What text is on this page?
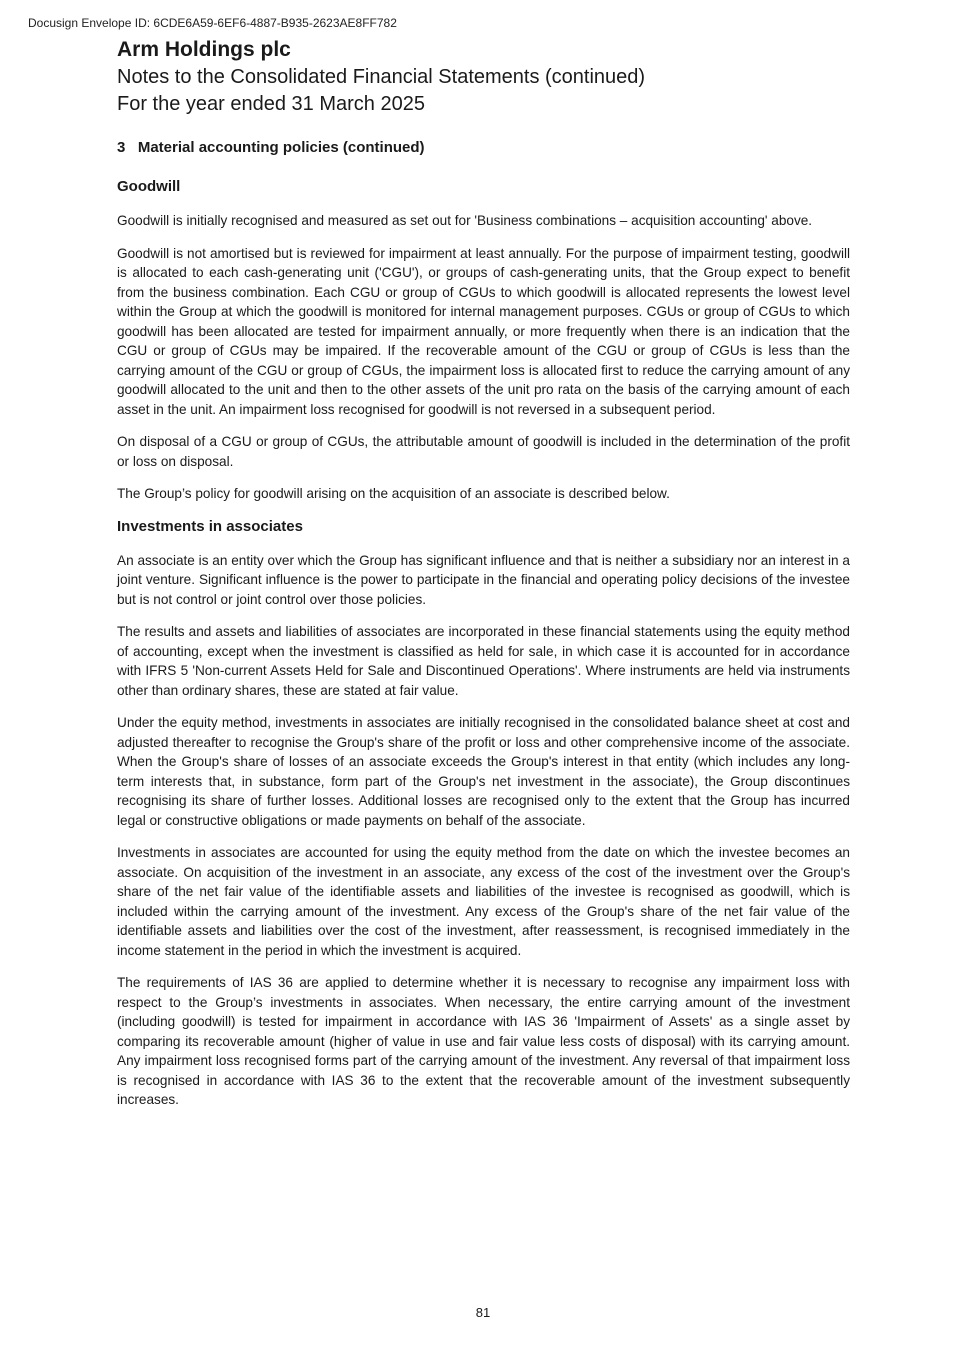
Docusign Envelope ID: 6CDE6A59-6EF6-4887-B935-2623AE8FF782
Arm Holdings plc
Notes to the Consolidated Financial Statements (continued)
For the year ended 31 March 2025
3   Material accounting policies (continued)
Goodwill

Goodwill is initially recognised and measured as set out for 'Business combinations – acquisition accounting' above.

Goodwill is not amortised but is reviewed for impairment at least annually. For the purpose of impairment testing, goodwill is allocated to each cash-generating unit ('CGU'), or groups of cash-generating units, that the Group expect to benefit from the business combination. Each CGU or group of CGUs to which goodwill is allocated represents the lowest level within the Group at which the goodwill is monitored for internal management purposes. CGUs or group of CGUs to which goodwill has been allocated are tested for impairment annually, or more frequently when there is an indication that the CGU or group of CGUs may be impaired. If the recoverable amount of the CGU or group of CGUs is less than the carrying amount of the CGU or group of CGUs, the impairment loss is allocated first to reduce the carrying amount of any goodwill allocated to the unit and then to the other assets of the unit pro rata on the basis of the carrying amount of each asset in the unit. An impairment loss recognised for goodwill is not reversed in a subsequent period.

On disposal of a CGU or group of CGUs, the attributable amount of goodwill is included in the determination of the profit or loss on disposal.

The Group’s policy for goodwill arising on the acquisition of an associate is described below.

Investments in associates

An associate is an entity over which the Group has significant influence and that is neither a subsidiary nor an interest in a joint venture. Significant influence is the power to participate in the financial and operating policy decisions of the investee but is not control or joint control over those policies.

The results and assets and liabilities of associates are incorporated in these financial statements using the equity method of accounting, except when the investment is classified as held for sale, in which case it is accounted for in accordance with IFRS 5 'Non-current Assets Held for Sale and Discontinued Operations'. Where instruments are held via instruments other than ordinary shares, these are stated at fair value.

Under the equity method, investments in associates are initially recognised in the consolidated balance sheet at cost and adjusted thereafter to recognise the Group's share of the profit or loss and other comprehensive income of the associate. When the Group's share of losses of an associate exceeds the Group's interest in that entity (which includes any long-term interests that, in substance, form part of the Group's net investment in the associate), the Group discontinues recognising its share of further losses. Additional losses are recognised only to the extent that the Group has incurred legal or constructive obligations or made payments on behalf of the associate.

Investments in associates are accounted for using the equity method from the date on which the investee becomes an associate. On acquisition of the investment in an associate, any excess of the cost of the investment over the Group's share of the net fair value of the identifiable assets and liabilities of the investee is recognised as goodwill, which is included within the carrying amount of the investment. Any excess of the Group's share of the net fair value of the identifiable assets and liabilities over the cost of the investment, after reassessment, is recognised immediately in the income statement in the period in which the investment is acquired.

The requirements of IAS 36 are applied to determine whether it is necessary to recognise any impairment loss with respect to the Group’s investments in associates. When necessary, the entire carrying amount of the investment (including goodwill) is tested for impairment in accordance with IAS 36 'Impairment of Assets' as a single asset by comparing its recoverable amount (higher of value in use and fair value less costs of disposal) with its carrying amount. Any impairment loss recognised forms part of the carrying amount of the investment. Any reversal of that impairment loss is recognised in accordance with IAS 36 to the extent that the recoverable amount of the investment subsequently increases.

81
